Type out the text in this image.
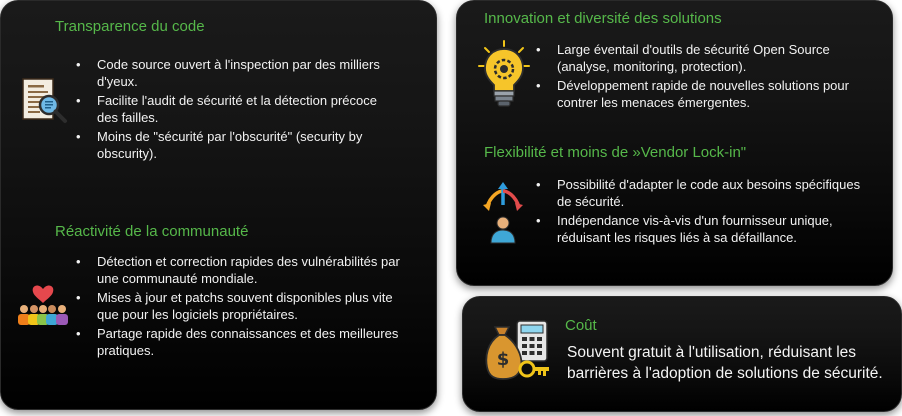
Transparence du code
• Code source ouvert à l'inspection par des milliers d'yeux.
• Facilite l'audit de sécurité et la détection précoce des failles.
• Moins de "sécurité par l'obscurité" (security by obscurity).
Réactivité de la communauté
• Détection et correction rapides des vulnérabilités par une communauté mondiale.
• Mises à jour et patchs souvent disponibles plus vite que pour les logiciels propriétaires.
• Partage rapide des connaissances et des meilleures pratiques.
Innovation et diversité des solutions
• Large éventail d'outils de sécurité Open Source (analyse, monitoring, protection).
• Développement rapide de nouvelles solutions pour contrer les menaces émergentes.
Flexibilité et moins de »Vendor Lock-in"
• Possibilité d'adapter le code aux besoins spécifiques de sécurité.
• Indépendance vis-à-vis d'un fournisseur unique, réduisant les risques liés à sa défaillance.
Coût
$	Souvent gratuit à l'utilisation, réduisant les barrières à l'adoption de solutions de sécurité.
